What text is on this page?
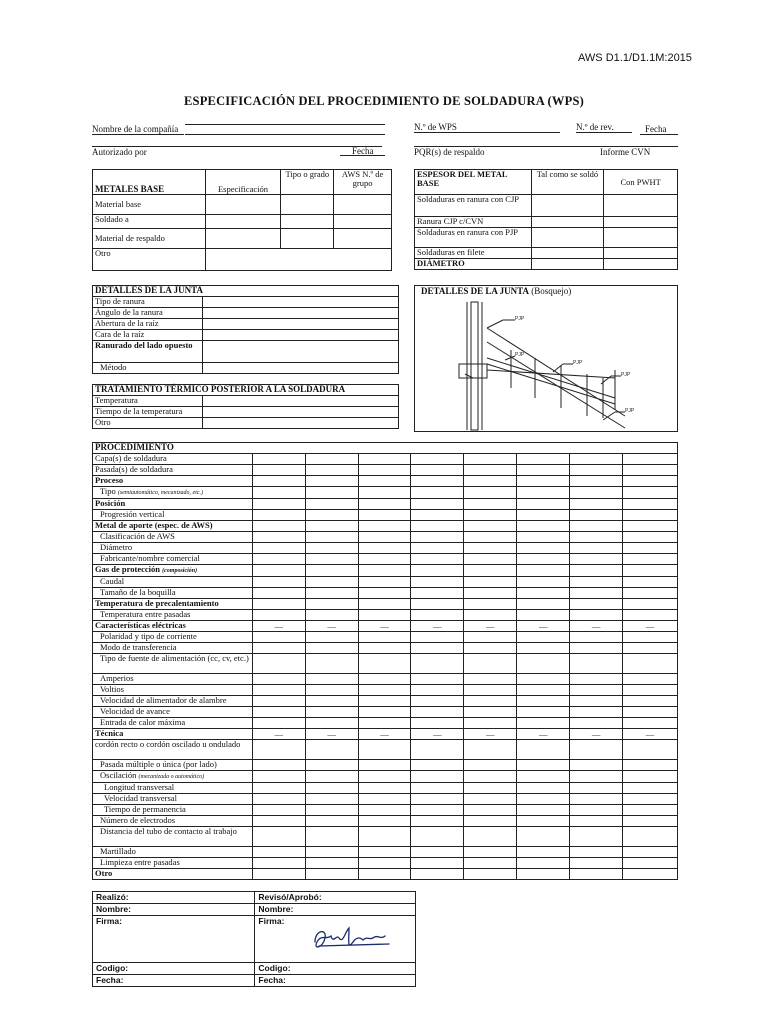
AWS D1.1/D1.1M:2015
ESPECIFICACIÓN DEL PROCEDIMIENTO DE SOLDADURA (WPS)
Nombre de la compañía	N.º de WPS	N.º de rev.	Fecha
Autorizado por	Fecha	PQR(s) de respaldo	Informe CVN
METALES BASE	Especificación	Tipo o grado	AWS N.º de grupo
Material base			
Soldado a			
Material de respaldo			
Otro			
ESPESOR DEL METAL BASE	Tal como se soldó	Con PWHT
Soldaduras en ranura con CJP		
Ranura CJP c/CVN		
Soldaduras en ranura con PJP		
Soldaduras en filete		
DIÁMETRO		
DETALLES DE LA JUNTA	
Tipo de ranura	
Ángulo de la ranura	
Abertura de la raíz	
Cara de la raíz	
Ranurado del lado opuesto	
Método	
TRATAMIENTO TÉRMICO POSTERIOR A LA SOLDADURA	
Temperatura	
Tiempo de la temperatura	
Otro	
DETALLES DE LA JUNTA (Bosquejo)
PJP
PJP
PJP
PJP
PJP
PROCEDIMIENTO								
Capa(s) de soldadura								
Pasada(s) de soldadura								
Proceso								
Tipo (semiautomático, mecanizado, etc.)								
Posición								
Progresión vertical								
Metal de aporte (espec. de AWS)								
Clasificación de AWS								
Diámetro								
Fabricante/nombre comercial								
Gas de protección (composición)								
Caudal								
Tamaño de la boquilla								
Temperatura de precalentamiento								
Temperatura entre pasadas								
Características eléctricas	—	—	—	—	—	—	—	—
Polaridad y tipo de corriente								
Modo de transferencia								
Tipo de fuente de alimentación (cc, cv, etc.)								
Amperios								
Voltios								
Velocidad de alimentador de alambre								
Velocidad de avance								
Entrada de calor máxima								
Técnica	—	—	—	—	—	—	—	—
cordón recto o cordón oscilado u ondulado								
Pasada múltiple o única (por lado)								
Oscilación (mecanizada o automático)								
Longitud transversal								
Velocidad transversal								
Tiempo de permanencia								
Número de electrodos								
Distancia del tubo de contacto al trabajo								
Martillado								
Limpieza entre pasadas								
Otro								
Realizó:	Revisó/Aprobó:
Nombre:	Nombre:
Firma:	Firma:

Codigo:	Codigo:
Fecha:	Fecha:
